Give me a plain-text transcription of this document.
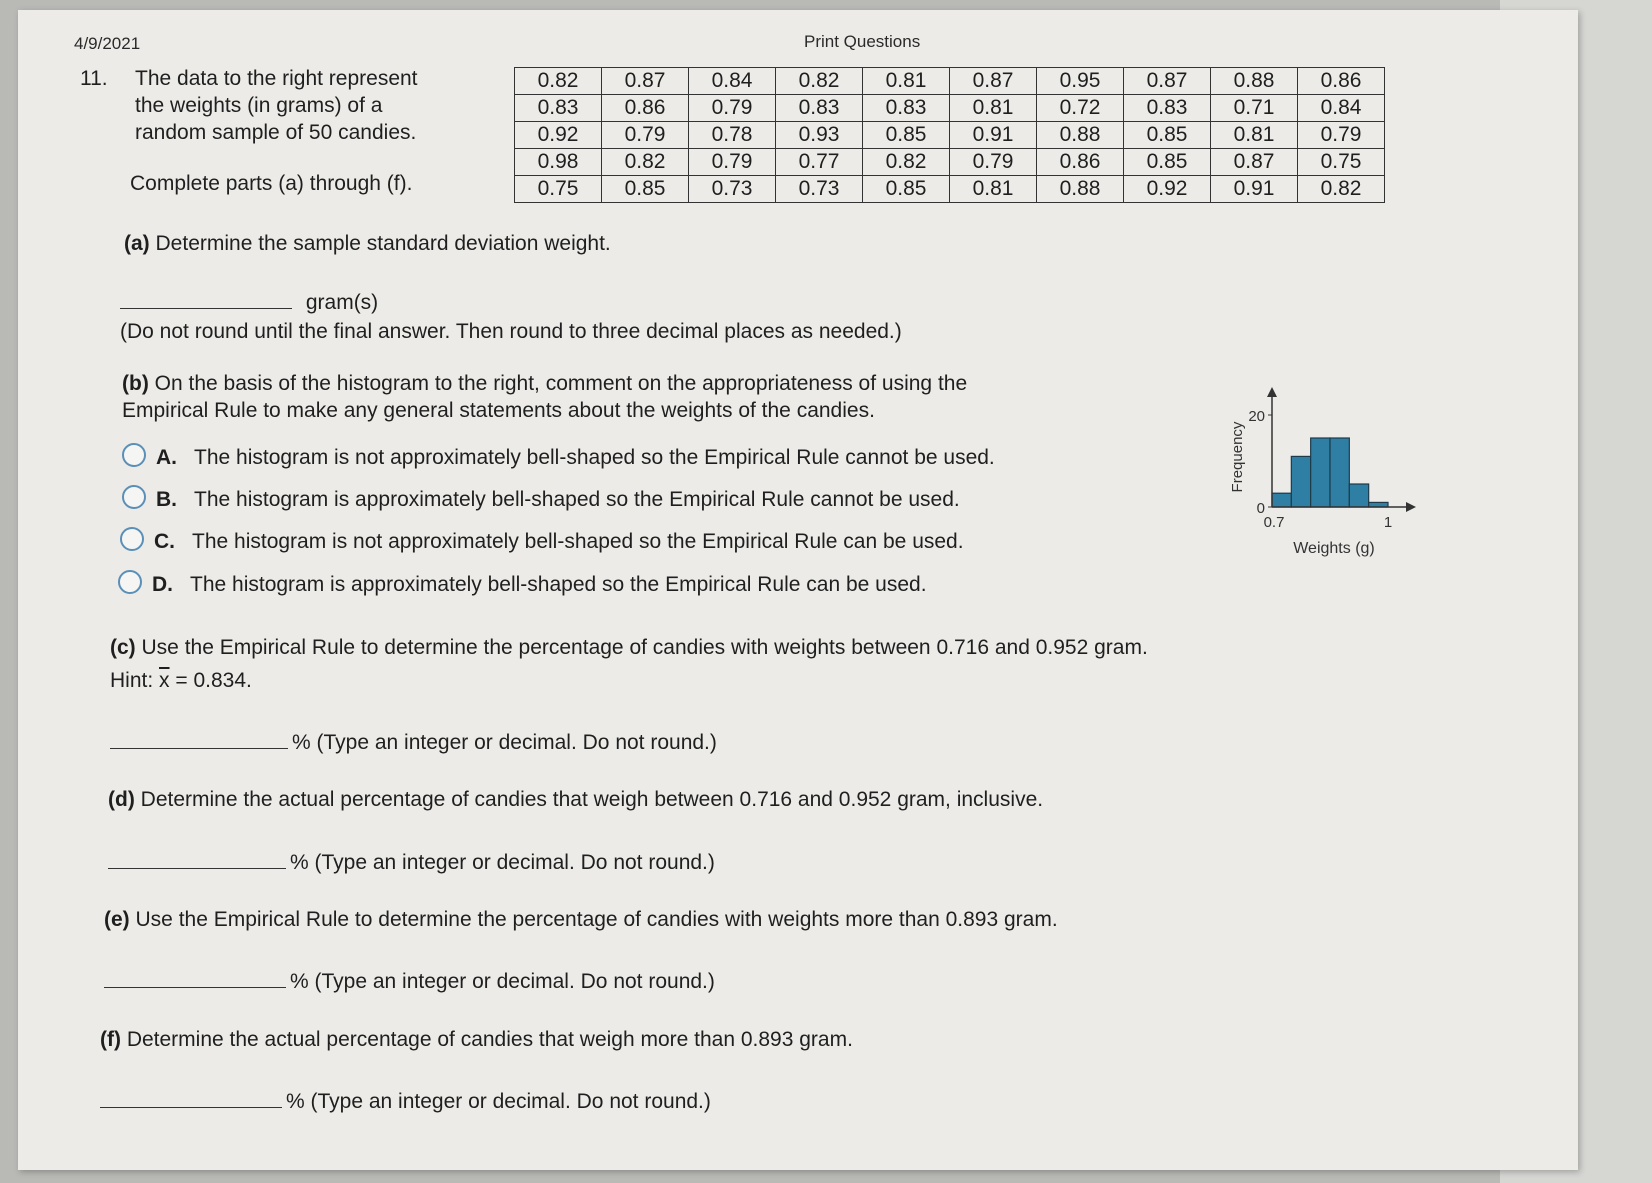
4/9/2021	Print Questions
11. The data to the right represent
the weights (in grams) of a
random sample of 50 candies.
Complete parts (a) through (f).
0.82	0.87	0.84	0.82	0.81	0.87	0.95	0.87	0.88	0.86
0.83	0.86	0.79	0.83	0.83	0.81	0.72	0.83	0.71	0.84
0.92	0.79	0.78	0.93	0.85	0.91	0.88	0.85	0.81	0.79
0.98	0.82	0.79	0.77	0.82	0.79	0.86	0.85	0.87	0.75
0.75	0.85	0.73	0.73	0.85	0.81	0.88	0.92	0.91	0.82
(a) Determine the sample standard deviation weight.
gram(s)
(Do not round until the final answer. Then round to three decimal places as needed.)
(b) On the basis of the histogram to the right, comment on the appropriateness of using the
Empirical Rule to make any general statements about the weights of the candies.
A. The histogram is not approximately bell-shaped so the Empirical Rule cannot be used.
B. The histogram is approximately bell-shaped so the Empirical Rule cannot be used.
C. The histogram is not approximately bell-shaped so the Empirical Rule can be used.
D. The histogram is approximately bell-shaped so the Empirical Rule can be used.
Frequency
20
0
0.7	1
Weights (g)
(c) Use the Empirical Rule to determine the percentage of candies with weights between 0.716 and 0.952 gram.
Hint: $\overline{x} = 0.834$.
% (Type an integer or decimal. Do not round.)
(d) Determine the actual percentage of candies that weigh between 0.716 and 0.952 gram, inclusive.
% (Type an integer or decimal. Do not round.)
(e) Use the Empirical Rule to determine the percentage of candies with weights more than 0.893 gram.
% (Type an integer or decimal. Do not round.)
(f) Determine the actual percentage of candies that weigh more than 0.893 gram.
% (Type an integer or decimal. Do not round.)
